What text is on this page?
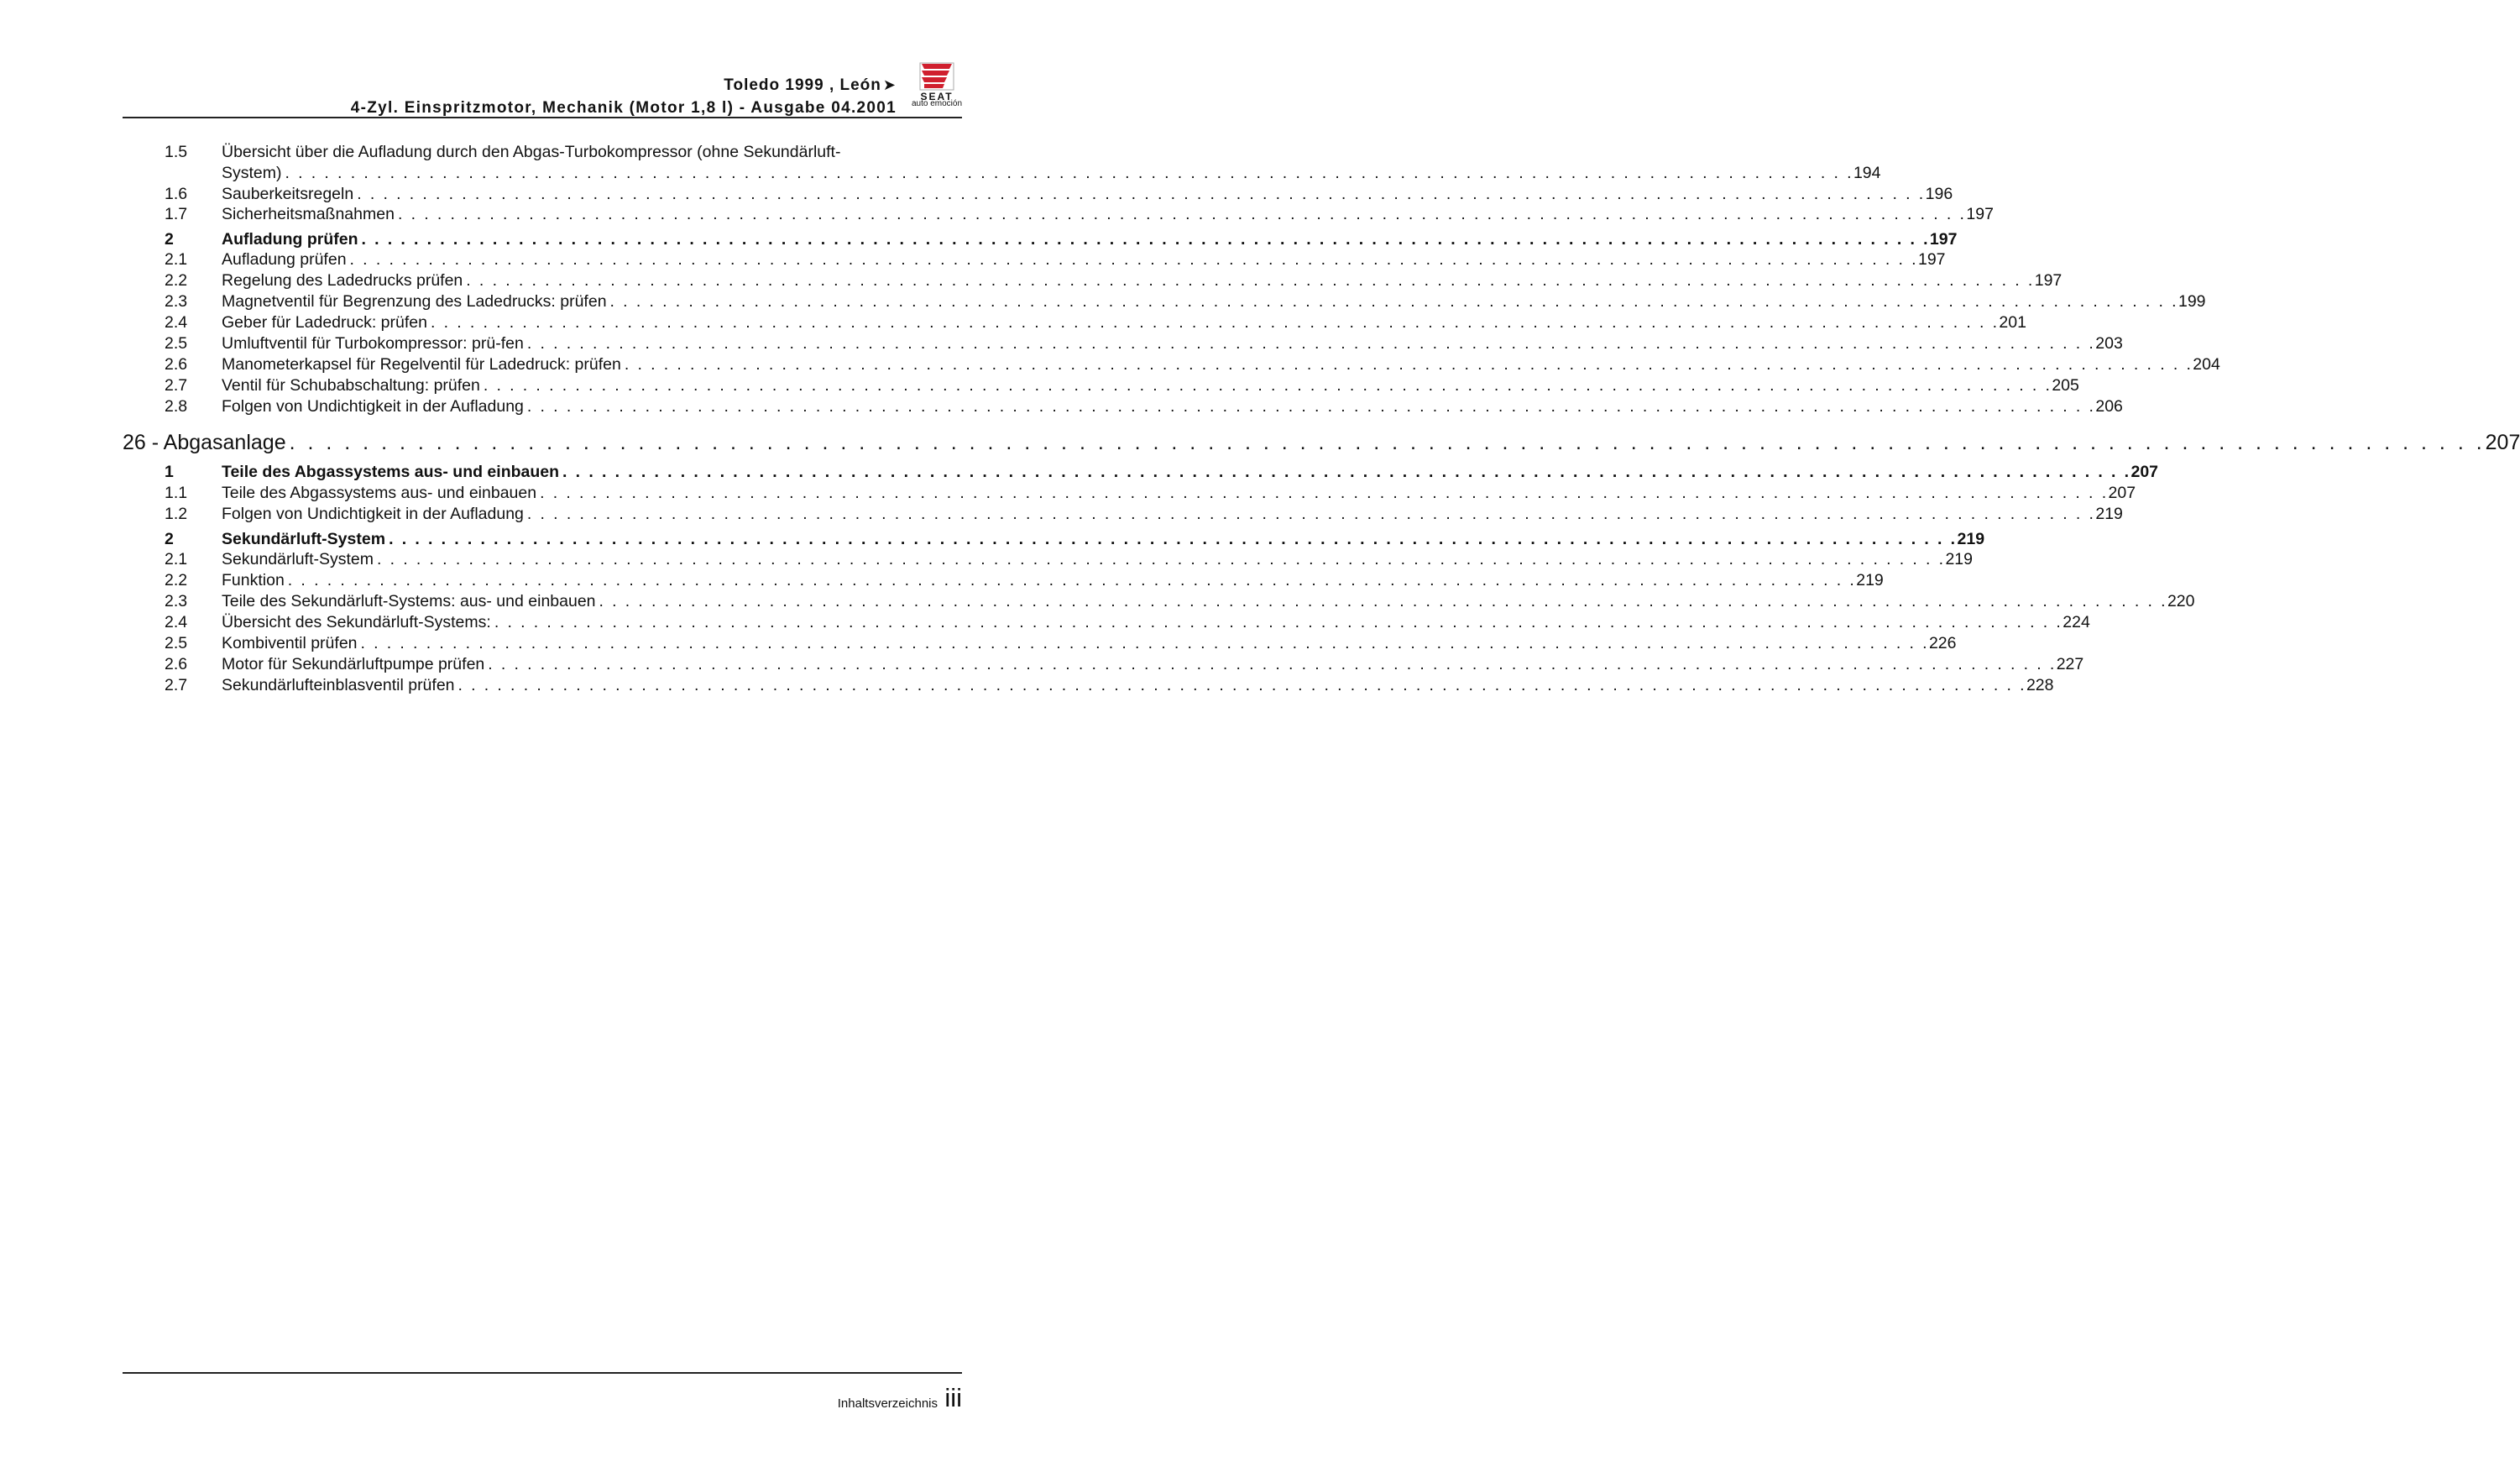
Toledo 1999 , León ➤
4-Zyl. Einspritzmotor, Mechanik (Motor 1,8 l) - Ausgabe 04.2001
SEAT
auto emoción
1.5 Übersicht über die Aufladung durch den Abgas-Turbokompressor (ohne Sekundärluft-
System) . . . . . . . . . . . . . . . . . . . . . . . . . . . . . . . . . . . . . . . . . . . . . . . . . . . . . . . . . . . . . . . . . . . . . . . . . . . . . . . . . . . . . . . . . . . . . . . . . . . . . . . . . . . . . . . . . . . . . . . . 194
1.6 Sauberkeitsregeln . . . . . . . . . . . . . . . . . . . . . . . . . . . . . . . . . . . . . . . . . . . . . . . . . . . . . . . . . . . . . . . . . . . . . . . . . . . . . . . . . . . . . . . . . . . . . . . . . . . . . . . . . . . . . . . . . . . . . . . . 196
1.7 Sicherheitsmaßnahmen . . . . . . . . . . . . . . . . . . . . . . . . . . . . . . . . . . . . . . . . . . . . . . . . . . . . . . . . . . . . . . . . . . . . . . . . . . . . . . . . . . . . . . . . . . . . . . . . . . . . . . . . . . . . . . . . . . . . . . . . 197
2	Aufladung prüfen . . . . . . . . . . . . . . . . . . . . . . . . . . . . . . . . . . . . . . . . . . . . . . . . . . . . . . . . . . . . . . . . . . . . . . . . . . . . . . . . . . . . . . . . . . . . . . . . . . . . . . . . . . . . . . . . . . . . . . . . 197
2.1 Aufladung prüfen . . . . . . . . . . . . . . . . . . . . . . . . . . . . . . . . . . . . . . . . . . . . . . . . . . . . . . . . . . . . . . . . . . . . . . . . . . . . . . . . . . . . . . . . . . . . . . . . . . . . . . . . . . . . . . . . . . . . . . . . 197
2.2 Regelung des Ladedrucks prüfen . . . . . . . . . . . . . . . . . . . . . . . . . . . . . . . . . . . . . . . . . . . . . . . . . . . . . . . . . . . . . . . . . . . . . . . . . . . . . . . . . . . . . . . . . . . . . . . . . . . . . . . . . . . . . . . . . . . . . . . . 197
2.3 Magnetventil für Begrenzung des Ladedrucks: prüfen . . . . . . . . . . . . . . . . . . . . . . . . . . . . . . . . . . . . . . . . . . . . . . . . . . . . . . . . . . . . . . . . . . . . . . . . . . . . . . . . . . . . . . . . . . . . . . . . . . . . . . . . . . . . . . . . . . . . . . . . 199
2.4 Geber für Ladedruck: prüfen . . . . . . . . . . . . . . . . . . . . . . . . . . . . . . . . . . . . . . . . . . . . . . . . . . . . . . . . . . . . . . . . . . . . . . . . . . . . . . . . . . . . . . . . . . . . . . . . . . . . . . . . . . . . . . . . . . . . . . . . 201
2.5 Umluftventil für Turbokompressor: prü-fen . . . . . . . . . . . . . . . . . . . . . . . . . . . . . . . . . . . . . . . . . . . . . . . . . . . . . . . . . . . . . . . . . . . . . . . . . . . . . . . . . . . . . . . . . . . . . . . . . . . . . . . . . . . . . . . . . . . . . . . . 203
2.6 Manometerkapsel für Regelventil für Ladedruck: prüfen . . . . . . . . . . . . . . . . . . . . . . . . . . . . . . . . . . . . . . . . . . . . . . . . . . . . . . . . . . . . . . . . . . . . . . . . . . . . . . . . . . . . . . . . . . . . . . . . . . . . . . . . . . . . . . . . . . . . . . . . 204
2.7 Ventil für Schubabschaltung: prüfen . . . . . . . . . . . . . . . . . . . . . . . . . . . . . . . . . . . . . . . . . . . . . . . . . . . . . . . . . . . . . . . . . . . . . . . . . . . . . . . . . . . . . . . . . . . . . . . . . . . . . . . . . . . . . . . . . . . . . . . . 205
2.8 Folgen von Undichtigkeit in der Aufladung . . . . . . . . . . . . . . . . . . . . . . . . . . . . . . . . . . . . . . . . . . . . . . . . . . . . . . . . . . . . . . . . . . . . . . . . . . . . . . . . . . . . . . . . . . . . . . . . . . . . . . . . . . . . . . . . . . . . . . . . 206
26 - Abgasanlage . . . . . . . . . . . . . . . . . . . . . . . . . . . . . . . . . . . . . . . . . . . . . . . . . . . . . . . . . . . . . . . . . . . . . . . . . . . . . . . . . . . . . . . . . . . . . . . . . . . . . . . . . . . . . . . . . . . . . . . . 207
1	Teile des Abgassystems aus- und einbauen . . . . . . . . . . . . . . . . . . . . . . . . . . . . . . . . . . . . . . . . . . . . . . . . . . . . . . . . . . . . . . . . . . . . . . . . . . . . . . . . . . . . . . . . . . . . . . . . . . . . . . . . . . . . . . . . . . . . . . . . 207
1.1 Teile des Abgassystems aus- und einbauen . . . . . . . . . . . . . . . . . . . . . . . . . . . . . . . . . . . . . . . . . . . . . . . . . . . . . . . . . . . . . . . . . . . . . . . . . . . . . . . . . . . . . . . . . . . . . . . . . . . . . . . . . . . . . . . . . . . . . . . . 207
1.2 Folgen von Undichtigkeit in der Aufladung . . . . . . . . . . . . . . . . . . . . . . . . . . . . . . . . . . . . . . . . . . . . . . . . . . . . . . . . . . . . . . . . . . . . . . . . . . . . . . . . . . . . . . . . . . . . . . . . . . . . . . . . . . . . . . . . . . . . . . . . 219
2	Sekundärluft-System . . . . . . . . . . . . . . . . . . . . . . . . . . . . . . . . . . . . . . . . . . . . . . . . . . . . . . . . . . . . . . . . . . . . . . . . . . . . . . . . . . . . . . . . . . . . . . . . . . . . . . . . . . . . . . . . . . . . . . . . 219
2.1 Sekundärluft-System . . . . . . . . . . . . . . . . . . . . . . . . . . . . . . . . . . . . . . . . . . . . . . . . . . . . . . . . . . . . . . . . . . . . . . . . . . . . . . . . . . . . . . . . . . . . . . . . . . . . . . . . . . . . . . . . . . . . . . . . 219
2.2 Funktion . . . . . . . . . . . . . . . . . . . . . . . . . . . . . . . . . . . . . . . . . . . . . . . . . . . . . . . . . . . . . . . . . . . . . . . . . . . . . . . . . . . . . . . . . . . . . . . . . . . . . . . . . . . . . . . . . . . . . . . . 219
2.3 Teile des Sekundärluft-Systems: aus- und einbauen . . . . . . . . . . . . . . . . . . . . . . . . . . . . . . . . . . . . . . . . . . . . . . . . . . . . . . . . . . . . . . . . . . . . . . . . . . . . . . . . . . . . . . . . . . . . . . . . . . . . . . . . . . . . . . . . . . . . . . . . 220
2.4 Übersicht des Sekundärluft-Systems: . . . . . . . . . . . . . . . . . . . . . . . . . . . . . . . . . . . . . . . . . . . . . . . . . . . . . . . . . . . . . . . . . . . . . . . . . . . . . . . . . . . . . . . . . . . . . . . . . . . . . . . . . . . . . . . . . . . . . . . . 224
2.5 Kombiventil prüfen . . . . . . . . . . . . . . . . . . . . . . . . . . . . . . . . . . . . . . . . . . . . . . . . . . . . . . . . . . . . . . . . . . . . . . . . . . . . . . . . . . . . . . . . . . . . . . . . . . . . . . . . . . . . . . . . . . . . . . . . 226
2.6 Motor für Sekundärluftpumpe prüfen . . . . . . . . . . . . . . . . . . . . . . . . . . . . . . . . . . . . . . . . . . . . . . . . . . . . . . . . . . . . . . . . . . . . . . . . . . . . . . . . . . . . . . . . . . . . . . . . . . . . . . . . . . . . . . . . . . . . . . . . 227
2.7 Sekundärlufteinblasventil prüfen . . . . . . . . . . . . . . . . . . . . . . . . . . . . . . . . . . . . . . . . . . . . . . . . . . . . . . . . . . . . . . . . . . . . . . . . . . . . . . . . . . . . . . . . . . . . . . . . . . . . . . . . . . . . . . . . . . . . . . . . 228
Inhaltsverzeichnis iii
